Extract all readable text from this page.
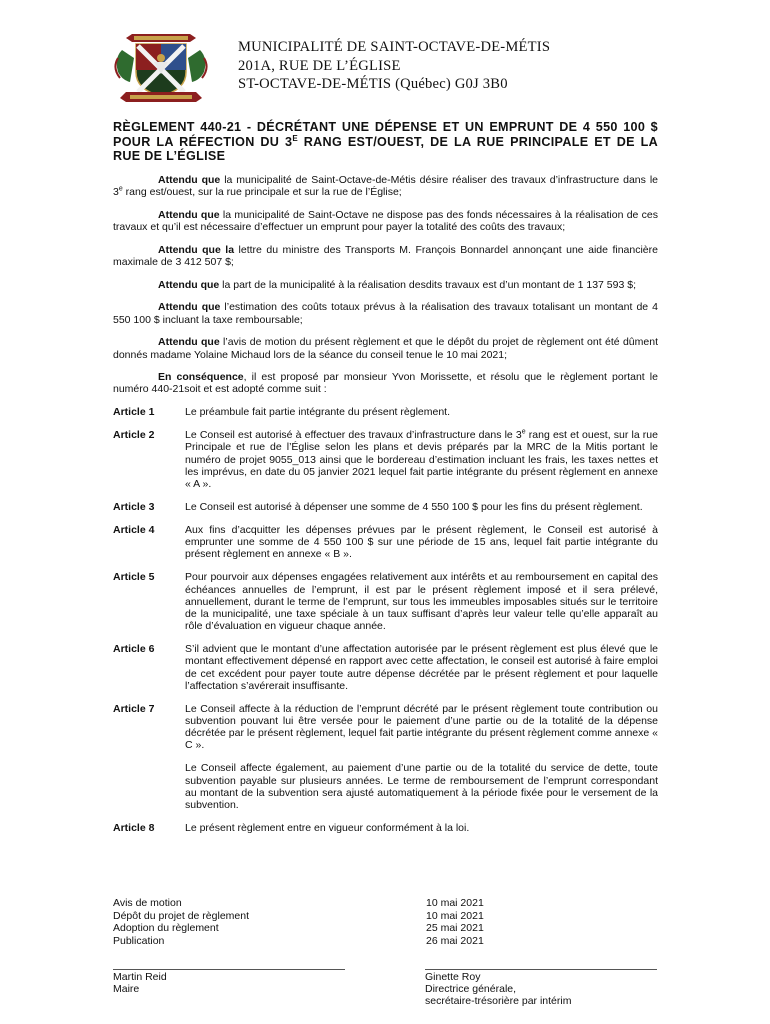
MUNICIPALITÉ DE SAINT-OCTAVE-DE-MÉTIS
201A, RUE DE L’ÉGLISE
ST-OCTAVE-DE-MÉTIS (Québec) G0J 3B0
RÈGLEMENT 440-21 - DÉCRÉTANT UNE DÉPENSE ET UN EMPRUNT DE 4 550 100 $ POUR LA RÉFECTION DU $3^E$ RANG EST/OUEST, DE LA RUE PRINCIPALE ET DE LA RUE DE L’ÉGLISE
Attendu que la municipalité de Saint-Octave-de-Métis désire réaliser des travaux d’infrastructure dans le 3e rang est/ouest, sur la rue principale et sur la rue de l’Église;
Attendu que la municipalité de Saint-Octave ne dispose pas des fonds nécessaires à la réalisation de ces travaux et qu’il est nécessaire d’effectuer un emprunt pour payer la totalité des coûts des travaux;
Attendu que la lettre du ministre des Transports M. François Bonnardel annonçant une aide financière maximale de 3 412 507 $;
Attendu que la part de la municipalité à la réalisation desdits travaux est d’un montant de 1 137 593 $;
Attendu que l’estimation des coûts totaux prévus à la réalisation des travaux totalisant un montant de 4 550 100 $ incluant la taxe remboursable;
Attendu que l’avis de motion du présent règlement et que le dépôt du projet de règlement ont été dûment donnés madame Yolaine Michaud lors de la séance du conseil tenue le 10 mai 2021;
En conséquence, il est proposé par monsieur Yvon Morissette, et résolu que le règlement portant le numéro 440-21soit et est adopté comme suit :
Article 1	Le préambule fait partie intégrante du présent règlement.

Article 2	Le Conseil est autorisé à effectuer des travaux d’infrastructure dans le 3e rang est et ouest, sur la rue Principale et rue de l’Église selon les plans et devis préparés par la MRC de la Mitis portant le numéro de projet 9055_013 ainsi que le bordereau d’estimation incluant les frais, les taxes nettes et les imprévus, en date du 05 janvier 2021 lequel fait partie intégrante du présent règlement en annexe « A ».

Article 3	Le Conseil est autorisé à dépenser une somme de 4 550 100 $ pour les fins du présent règlement.

Article 4	Aux fins d’acquitter les dépenses prévues par le présent règlement, le Conseil est autorisé à emprunter une somme de 4 550 100 $ sur une période de 15 ans, lequel fait partie intégrante du présent règlement en annexe « B ».

Article 5	Pour pourvoir aux dépenses engagées relativement aux intérêts et au remboursement en capital des échéances annuelles de l’emprunt, il est par le présent règlement imposé et il sera prélevé, annuellement, durant le terme de l’emprunt, sur tous les immeubles imposables situés sur le territoire de la municipalité, une taxe spéciale à un taux suffisant d’après leur valeur telle qu’elle apparaît au rôle d’évaluation en vigueur chaque année.

Article 6	S’il advient que le montant d’une affectation autorisée par le présent règlement est plus élevé que le montant effectivement dépensé en rapport avec cette affectation, le conseil est autorisé à faire emploi de cet excédent pour payer toute autre dépense décrétée par le présent règlement et pour laquelle l’affectation s’avérerait insuffisante.

Article 7	Le Conseil affecte à la réduction de l’emprunt décrété par le présent règlement toute contribution ou subvention pouvant lui être versée pour le paiement d’une partie ou de la totalité de la dépense décrétée par le présent règlement, lequel fait partie intégrante du présent règlement comme annexe « C ».

Le Conseil affecte également, au paiement d’une partie ou de la totalité du service de dette, toute subvention payable sur plusieurs années. Le terme de remboursement de l’emprunt correspondant au montant de la subvention sera ajusté automatiquement à la période fixée pour le versement de la subvention.

Article 8	Le présent règlement entre en vigueur conformément à la loi.

Avis de motion	10 mai 2021
Dépôt du projet de règlement	10 mai 2021
Adoption du règlement	25 mai 2021
Publication	26 mai 2021
Martin Reid
Maire
Ginette Roy
Directrice générale,
secrétaire-trésorière par intérim
